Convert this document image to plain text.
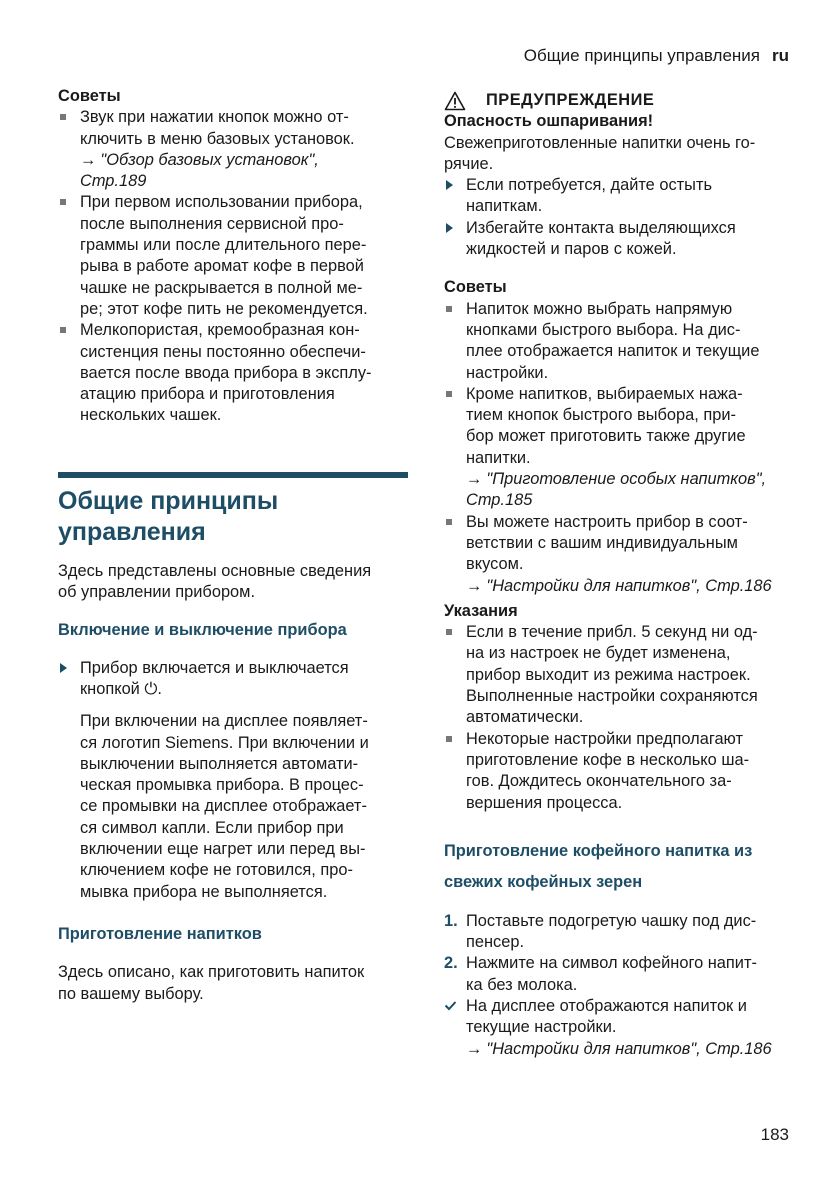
Общие принципы управления ru
Советы
Звук при нажатии кнопок можно от-
ключить в меню базовых установок.
→ "Обзор базовых установок",
Стр.189
При первом использовании прибора,
после выполнения сервисной про-
граммы или после длительного пере-
рыва в работе аромат кофе в первой
чашке не раскрывается в полной ме-
ре; этот кофе пить не рекомендуется.
Мелкопористая, кремообразная кон-
систенция пены постоянно обеспечи-
вается после ввода прибора в эксплу-
атацию прибора и приготовления
нескольких чашек.
Общие принципы
управления
Здесь представлены основные сведения
об управлении прибором.
Включение и выключение прибора
Прибор включается и выключается
кнопкой ⏻.
При включении на дисплее появляет-
ся логотип Siemens. При включении и
выключении выполняется автомати-
ческая промывка прибора. В процес-
се промывки на дисплее отображает-
ся символ капли. Если прибор при
включении еще нагрет или перед вы-
ключением кофе не готовился, про-
мывка прибора не выполняется.
Приготовление напитков
Здесь описано, как приготовить напиток
по вашему выбору.
ПРЕДУПРЕЖДЕНИЕ
Опасность ошпаривания!
Свежеприготовленные напитки очень го-
рячие.
Если потребуется, дайте остыть
напиткам.
Избегайте контакта выделяющихся
жидкостей и паров с кожей.
Советы
Напиток можно выбрать напрямую
кнопками быстрого выбора. На дис-
плее отображается напиток и текущие
настройки.
Кроме напитков, выбираемых нажа-
тием кнопок быстрого выбора, при-
бор может приготовить также другие
напитки.
→ "Приготовление особых напитков",
Стр.185
Вы можете настроить прибор в соот-
ветствии с вашим индивидуальным
вкусом.
→ "Настройки для напитков", Стр.186
Указания
Если в течение прибл. 5 секунд ни од-
на из настроек не будет изменена,
прибор выходит из режима настроек.
Выполненные настройки сохраняются
автоматически.
Некоторые настройки предполагают
приготовление кофе в несколько ша-
гов. Дождитесь окончательного за-
вершения процесса.
Приготовление кофейного напитка из
свежих кофейных зерен
1. Поставьте подогретую чашку под дис-
пенсер.
2. Нажмите на символ кофейного напит-
ка без молока.
На дисплее отображаются напиток и
текущие настройки.
→ "Настройки для напитков", Стр.186
183
